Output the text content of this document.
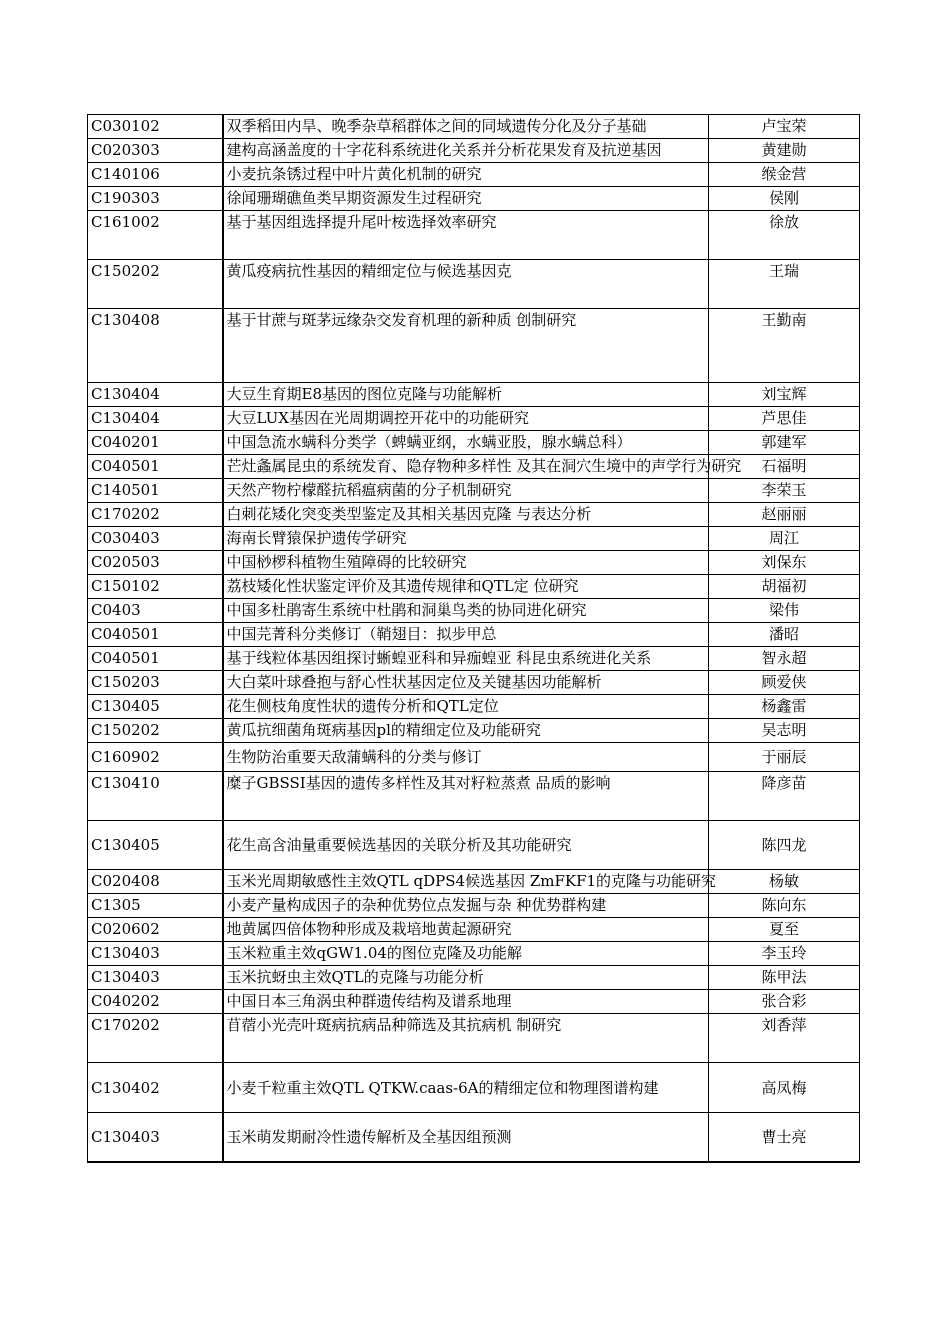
C030102	双季稻田内旱、晚季杂草稻群体之间的同域遗传分化及分子基础	卢宝荣
C020303	建构高涵盖度的十字花科系统进化关系并分析花果发育及抗逆基因	黄建勋
C140106	小麦抗条锈过程中叶片黄化机制的研究	缑金营
C190303	徐闻珊瑚礁鱼类早期资源发生过程研究	侯刚
C161002	基于基因组选择提升尾叶桉选择效率研究	徐放
C150202	黄瓜疫病抗性基因的精细定位与候选基因克	王瑞
C130408	基于甘蔗与斑茅远缘杂交发育机理的新种质 创制研究	王勤南
C130404	大豆生育期E8基因的图位克隆与功能解析	刘宝辉
C130404	大豆LUX基因在光周期调控开花中的功能研究	芦思佳
C040201	中国急流水螨科分类学（蜱螨亚纲，水螨亚股，腺水螨总科）	郭建军
C040501	芒灶螽属昆虫的系统发育、隐存物种多样性 及其在洞穴生境中的声学行为研究	石福明
C140501	天然产物柠檬醛抗稻瘟病菌的分子机制研究	李荣玉
C170202	白刺花矮化突变类型鉴定及其相关基因克隆 与表达分析	赵丽丽
C030403	海南长臂猿保护遗传学研究	周江
C020503	中国桫椤科植物生殖障碍的比较研究	刘保东
C150102	荔枝矮化性状鉴定评价及其遗传规律和QTL定 位研究	胡福初
C0403	中国多杜鹃寄生系统中杜鹃和洞巢鸟类的协同进化研究	梁伟
C040501	中国芫菁科分类修订（鞘翅目：拟步甲总	潘昭
C040501	基于线粒体基因组探讨蜥蝗亚科和异痂蝗亚 科昆虫系统进化关系	智永超
C150203	大白菜叶球叠抱与舒心性状基因定位及关键基因功能解析	顾爱侠
C130405	花生侧枝角度性状的遗传分析和QTL定位	杨鑫雷
C150202	黄瓜抗细菌角斑病基因pl的精细定位及功能研究	吴志明
C160902	生物防治重要天敌蒲螨科的分类与修订	于丽辰
C130410	糜子GBSSI基因的遗传多样性及其对籽粒蒸煮 品质的影响	降彦苗
C130405	花生高含油量重要候选基因的关联分析及其功能研究	陈四龙
C020408	玉米光周期敏感性主效QTL qDPS4候选基因 ZmFKF1的克隆与功能研究	杨敏
C1305	小麦产量构成因子的杂种优势位点发掘与杂 种优势群构建	陈向东
C020602	地黄属四倍体物种形成及栽培地黄起源研究	夏至
C130403	玉米粒重主效qGW1.04的图位克隆及功能解	李玉玲
C130403	玉米抗蚜虫主效QTL的克隆与功能分析	陈甲法
C040202	中国日本三角涡虫种群遗传结构及谱系地理	张合彩
C170202	苜蓿小光壳叶斑病抗病品种筛选及其抗病机 制研究	刘香萍
C130402	小麦千粒重主效QTL QTKW.caas-6A的精细定位和物理图谱构建	高凤梅
C130403	玉米萌发期耐冷性遗传解析及全基因组预测	曹士亮
